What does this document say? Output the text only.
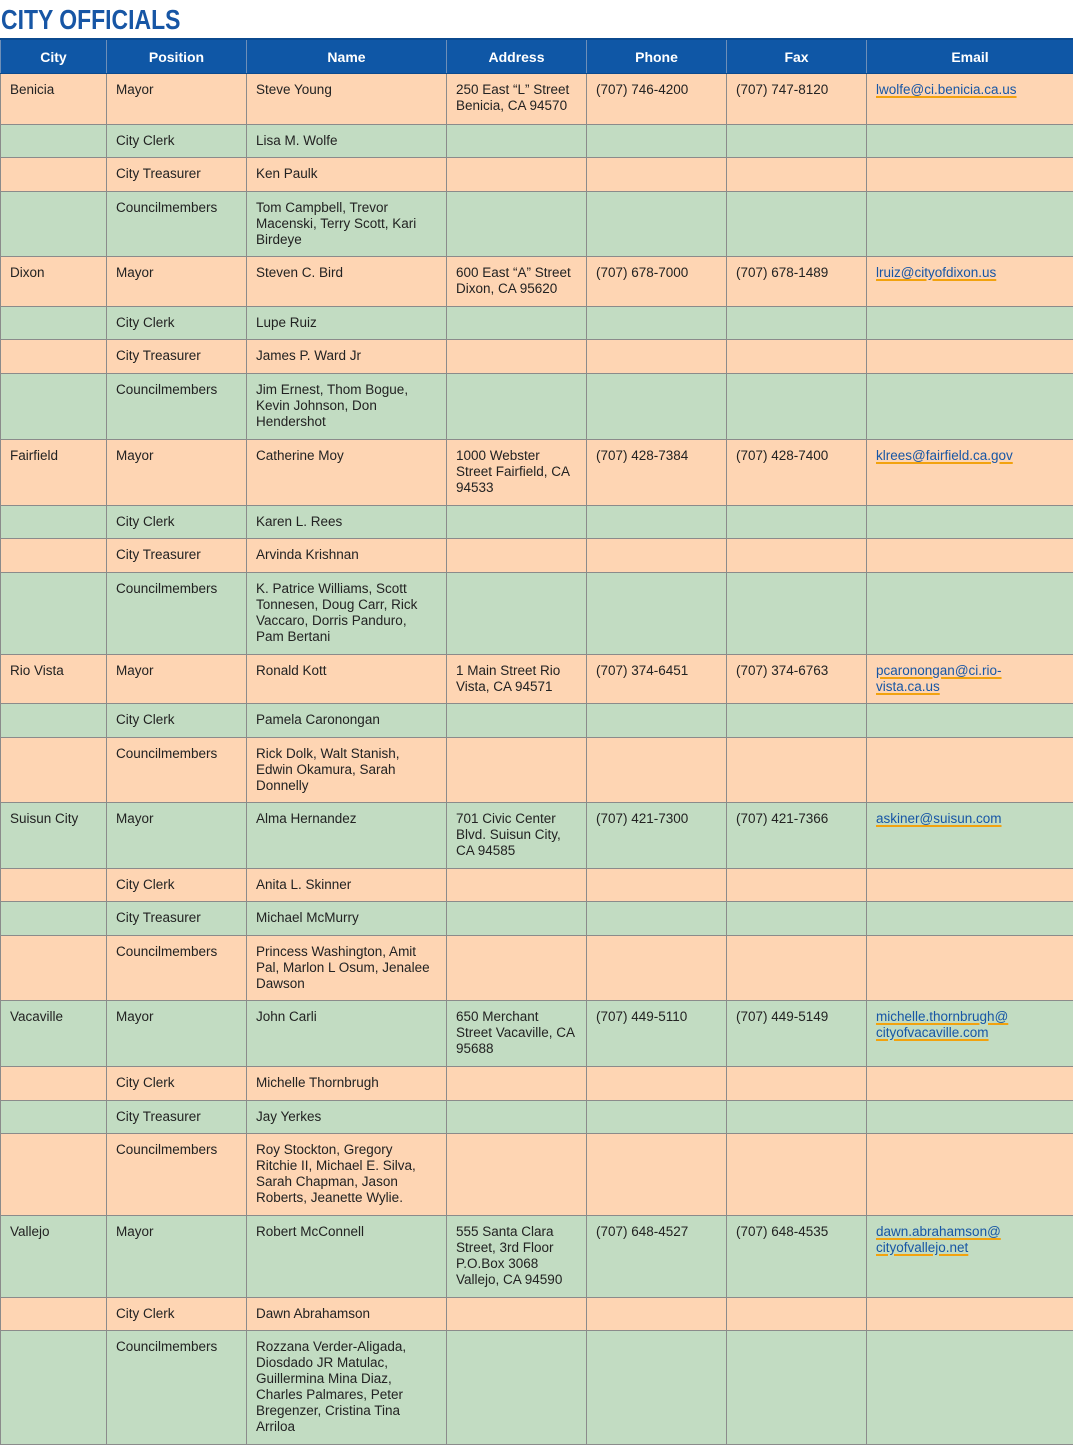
CITY OFFICIALS
City	Position	Name	Address	Phone	Fax	Email
Benicia	Mayor	Steve Young	250 East “L” Street Benicia, CA 94570	(707) 746-4200	(707) 747-8120	lwolfe@ci.benicia.ca.us
	City Clerk	Lisa M. Wolfe				
	City Treasurer	Ken Paulk				
	Councilmembers	Tom Campbell, Trevor Macenski, Terry Scott, Kari Birdeye				
Dixon	Mayor	Steven C. Bird	600 East “A” Street Dixon, CA 95620	(707) 678-7000	(707) 678-1489	lruiz@cityofdixon.us
	City Clerk	Lupe Ruiz				
	City Treasurer	James P. Ward Jr				
	Councilmembers	Jim Ernest, Thom Bogue, Kevin Johnson, Don Hendershot				
Fairfield	Mayor	Catherine Moy	1000 Webster Street Fairfield, CA 94533	(707) 428-7384	(707) 428-7400	klrees@fairfield.ca.gov
	City Clerk	Karen L. Rees				
	City Treasurer	Arvinda Krishnan				
	Councilmembers	K. Patrice Williams, Scott Tonnesen, Doug Carr, Rick Vaccaro, Dorris Panduro, Pam Bertani				
Rio Vista	Mayor	Ronald Kott	1 Main Street Rio Vista, CA 94571	(707) 374-6451	(707) 374-6763	pcaronongan@ci.rio-vista.ca.us
	City Clerk	Pamela Caronongan				
	Councilmembers	Rick Dolk, Walt Stanish, Edwin Okamura, Sarah Donnelly				
Suisun City	Mayor	Alma Hernandez	701 Civic Center Blvd. Suisun City, CA 94585	(707) 421-7300	(707) 421-7366	askiner@suisun.com
	City Clerk	Anita L. Skinner				
	City Treasurer	Michael McMurry				
	Councilmembers	Princess Washington, Amit Pal, Marlon L Osum, Jenalee Dawson				
Vacaville	Mayor	John Carli	650 Merchant Street Vacaville, CA 95688	(707) 449-5110	(707) 449-5149	michelle.thornbrugh@ cityofvacaville.com
	City Clerk	Michelle Thornbrugh				
	City Treasurer	Jay Yerkes				
	Councilmembers	Roy Stockton, Gregory Ritchie II, Michael E. Silva, Sarah Chapman, Jason Roberts, Jeanette Wylie.				
Vallejo	Mayor	Robert McConnell	555 Santa Clara Street, 3rd Floor P.O.Box 3068 Vallejo, CA 94590	(707) 648-4527	(707) 648-4535	dawn.abrahamson@ cityofvallejo.net
	City Clerk	Dawn Abrahamson				
	Councilmembers	Rozzana Verder-Aligada, Diosdado JR Matulac, Guillermina Mina Diaz, Charles Palmares, Peter Bregenzer, Cristina Tina Arriloa				
